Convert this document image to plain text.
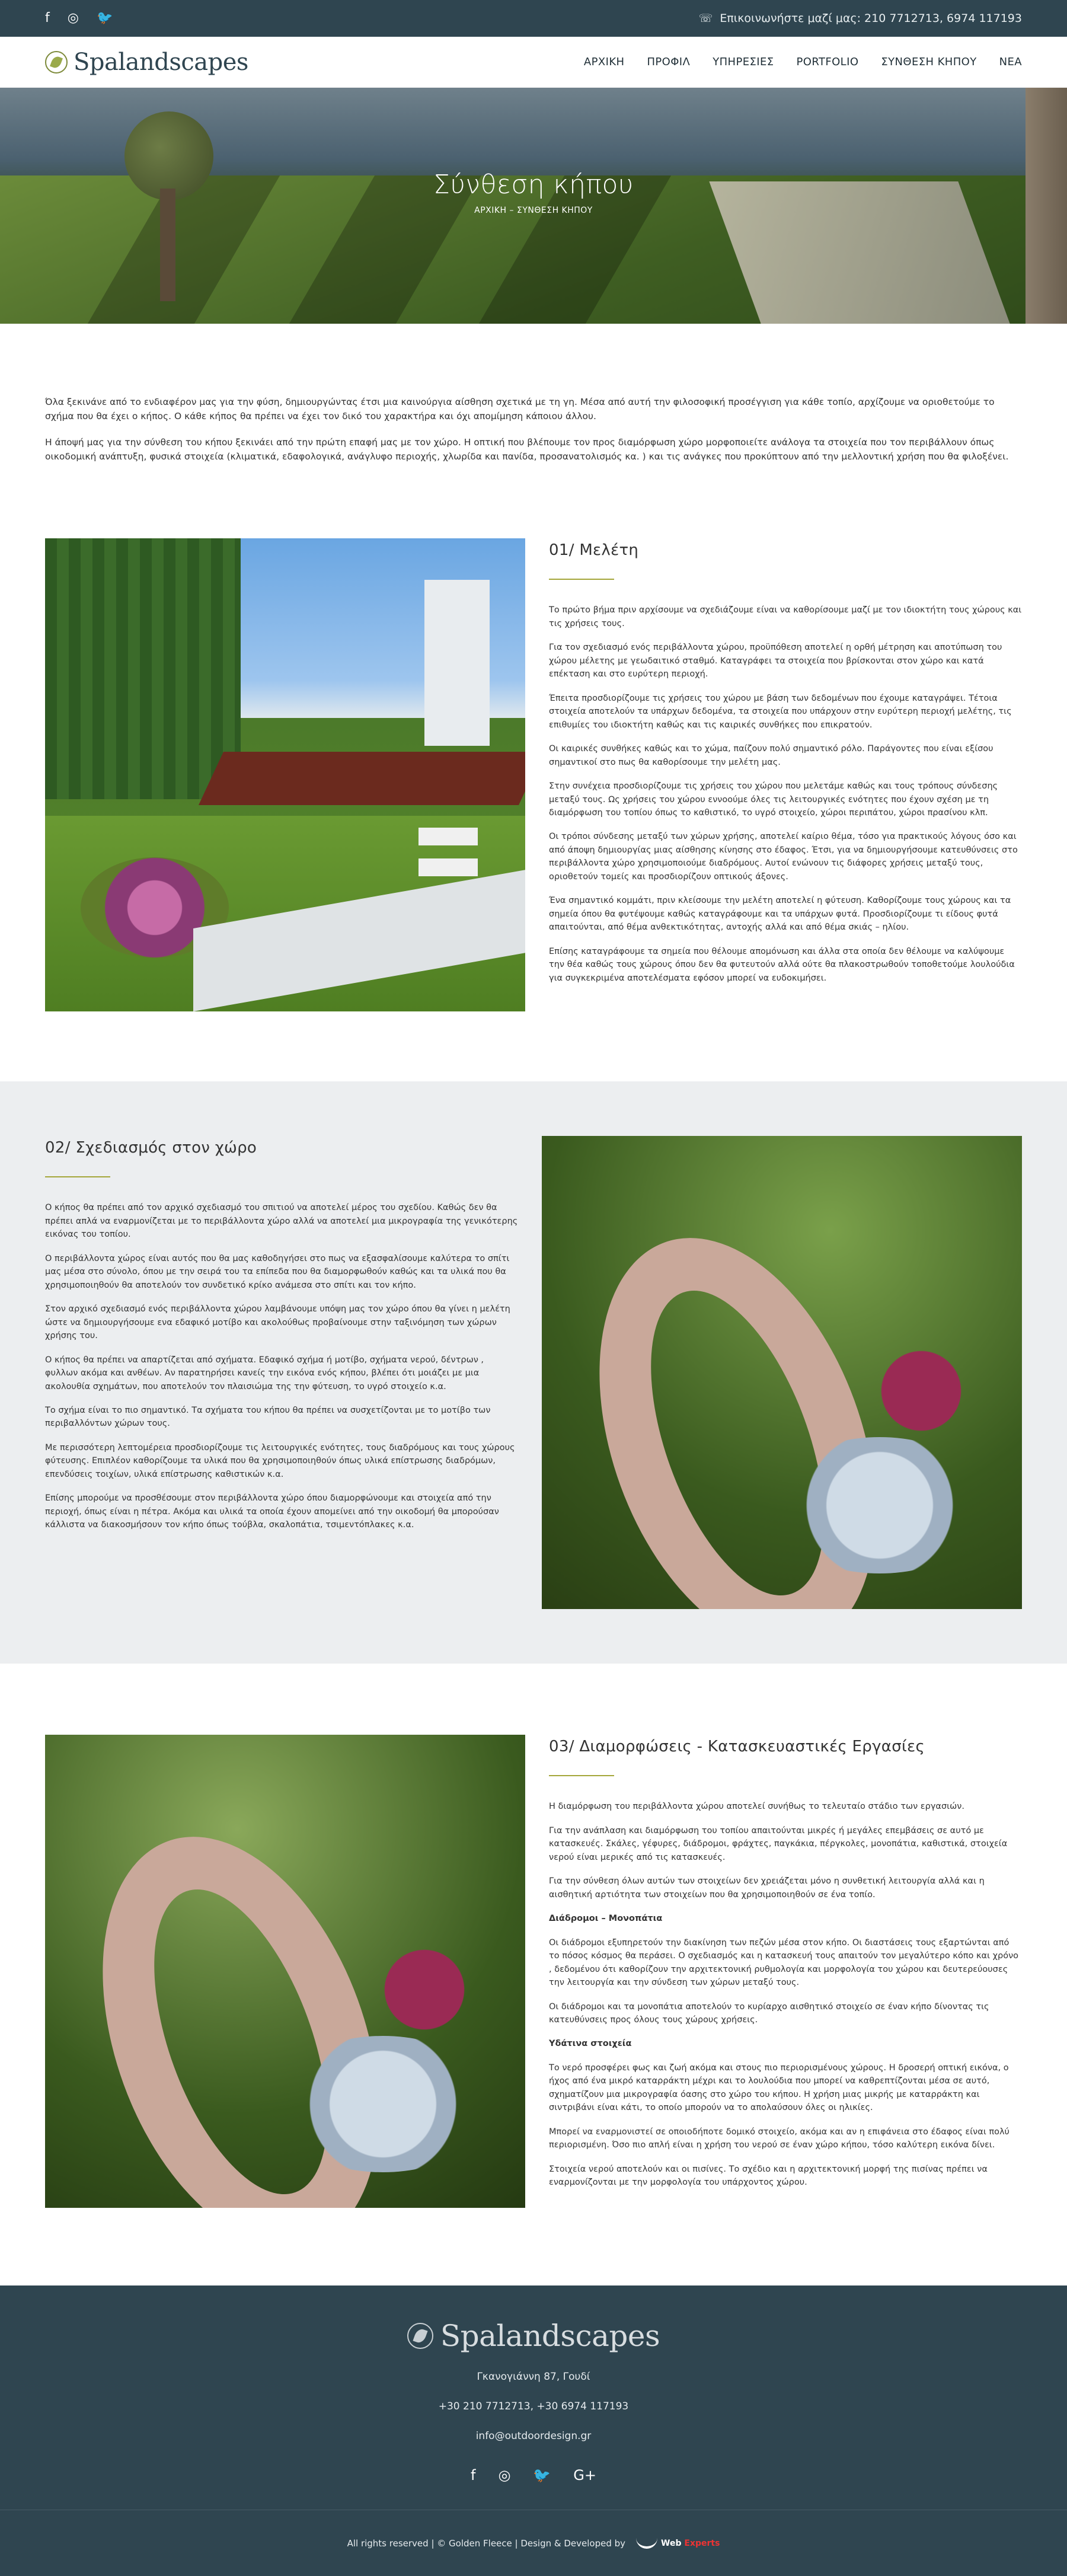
f ◎ 🐦	☏ Επικοινωνήστε μαζί μας: 210 7712713, 6974 117193
Spalandscapes	ΑΡΧΙΚΗ ΠΡΟΦΙΛ ΥΠΗΡΕΣΙΕΣ PORTFOLIO ΣΥΝΘΕΣΗ ΚΗΠΟΥ ΝΕΑ
Σύνθεση κήπου
ΑΡΧΙΚΗ – ΣΥΝΘΕΣΗ ΚΗΠΟΥ

Όλα ξεκινάνε από το ενδιαφέρον μας για την φύση, δημιουργώντας έτσι μια καινούργια αίσθηση σχετικά με τη γη. Μέσα από αυτή την φιλοσοφική προσέγγιση για κάθε τοπίο, αρχίζουμε να οριοθετούμε το σχήμα που θα έχει ο κήπος. Ο κάθε κήπος θα πρέπει να έχει τον δικό του χαρακτήρα και όχι απομίμηση κάποιου άλλου.

Η άποψή μας για την σύνθεση του κήπου ξεκινάει από την πρώτη επαφή μας με τον χώρο. Η οπτική που βλέπουμε τον προς διαμόρφωση χώρο μορφοποιείτε ανάλογα τα στοιχεία που τον περιβάλλουν όπως οικοδομική ανάπτυξη, φυσικά στοιχεία (κλιματικά, εδαφολογικά, ανάγλυφο περιοχής, χλωρίδα και πανίδα, προσανατολισμός κα. ) και τις ανάγκες που προκύπτουν από την μελλοντική χρήση που θα φιλοξένει.

01/ Μελέτη

Το πρώτο βήμα πριν αρχίσουμε να σχεδιάζουμε είναι να καθορίσουμε μαζί με τον ιδιοκτήτη τους χώρους και τις χρήσεις τους.

Για τον σχεδιασμό ενός περιβάλλοντα χώρου, προϋπόθεση αποτελεί η ορθή μέτρηση και αποτύπωση του χώρου μέλετης με γεωδαιτικό σταθμό. Καταγράφει τα στοιχεία που βρίσκονται στον χώρο και κατά επέκταση και στο ευρύτερη περιοχή.

Έπειτα προσδιορίζουμε τις χρήσεις του χώρου με βάση των δεδομένων που έχουμε καταγράψει. Τέτοια στοιχεία αποτελούν τα υπάρχων δεδομένα, τα στοιχεία που υπάρχουν στην ευρύτερη περιοχή μελέτης, τις επιθυμίες του ιδιοκτήτη καθώς και τις καιρικές συνθήκες που επικρατούν.

Οι καιρικές συνθήκες καθώς και το χώμα, παίζουν πολύ σημαντικό ρόλο. Παράγοντες που είναι εξίσου σημαντικοί στο πως θα καθορίσουμε την μελέτη μας.

Στην συνέχεια προσδιορίζουμε τις χρήσεις του χώρου που μελετάμε καθώς και τους τρόπους σύνδεσης μεταξύ τους. Ως χρήσεις του χώρου εννοούμε όλες τις λειτουργικές ενότητες που έχουν σχέση με τη διαμόρφωση του τοπίου όπως το καθιστικό, το υγρό στοιχείο, χώροι περιπάτου, χώροι πρασίνου κλπ.

Οι τρόποι σύνδεσης μεταξύ των χώρων χρήσης, αποτελεί καίριο θέμα, τόσο για πρακτικούς λόγους όσο και από άποψη δημιουργίας μιας αίσθησης κίνησης στο έδαφος. Έτσι, για να δημιουργήσουμε κατευθύνσεις στο περιβάλλοντα χώρο χρησιμοποιούμε διαδρόμους. Αυτοί ενώνουν τις διάφορες χρήσεις μεταξύ τους, οριοθετούν τομείς και προσδιορίζουν οπτικούς άξονες.

Ένα σημαντικό κομμάτι, πριν κλείσουμε την μελέτη αποτελεί η φύτευση. Καθορίζουμε τους χώρους και τα σημεία όπου θα φυτέψουμε καθώς καταγράφουμε και τα υπάρχων φυτά. Προσδιορίζουμε τι είδους φυτά απαιτούνται, από θέμα ανθεκτικότητας, αντοχής αλλά και από θέμα σκιάς – ηλίου.

Επίσης καταγράφουμε τα σημεία που θέλουμε απομόνωση και άλλα στα οποία δεν θέλουμε να καλύψουμε την θέα καθώς τους χώρους όπου δεν θα φυτευτούν αλλά ούτε θα πλακοστρωθούν τοποθετούμε λουλούδια για συγκεκριμένα αποτελέσματα εφόσον μπορεί να ευδοκιμήσει.

02/ Σχεδιασμός στον χώρο

Ο κήπος θα πρέπει από τον αρχικό σχεδιασμό του σπιτιού να αποτελεί μέρος του σχεδίου. Καθώς δεν θα πρέπει απλά να εναρμονίζεται με το περιβάλλοντα χώρο αλλά να αποτελεί μια μικρογραφία της γενικότερης εικόνας του τοπίου.

Ο περιβάλλοντα χώρος είναι αυτός που θα μας καθοδηγήσει στο πως να εξασφαλίσουμε καλύτερα το σπίτι μας μέσα στο σύνολο, όπου με την σειρά του τα επίπεδα που θα διαμορφωθούν καθώς και τα υλικά που θα χρησιμοποιηθούν θα αποτελούν τον συνδετικό κρίκο ανάμεσα στο σπίτι και τον κήπο.

Στον αρχικό σχεδιασμό ενός περιβάλλοντα χώρου λαμβάνουμε υπόψη μας τον χώρο όπου θα γίνει η μελέτη ώστε να δημιουργήσουμε ενα εδαφικό μοτίβο και ακολούθως προβαίνουμε στην ταξινόμηση των χώρων χρήσης του.

Ο κήπος θα πρέπει να απαρτίζεται από σχήματα. Εδαφικό σχήμα ή μοτίβο, σχήματα νερού, δέντρων , φυλλων ακόμα και ανθέων. Αν παρατηρήσει κανείς την εικόνα ενός κήπου, βλέπει ότι μοιάζει με μια ακολουθία σχημάτων, που αποτελούν τον πλαισιώμα της την φύτευση, το υγρό στοιχείο κ.α.

Το σχήμα είναι το πιο σημαντικό. Τα σχήματα του κήπου θα πρέπει να συσχετίζονται με το μοτίβο των περιβαλλόντων χώρων τους.

Με περισσότερη λεπτομέρεια προσδιορίζουμε τις λειτουργικές ενότητες, τους διαδρόμους και τους χώρους φύτευσης. Επιπλέον καθορίζουμε τα υλικά που θα χρησιμοποιηθούν όπως υλικά επίστρωσης διαδρόμων, επενδύσεις τοιχίων, υλικά επίστρωσης καθιστικών κ.α.

Επίσης μπορούμε να προσθέσουμε στον περιβάλλοντα χώρο όπου διαμορφώνουμε και στοιχεία από την περιοχή, όπως είναι η πέτρα. Ακόμα και υλικά τα οποία έχουν απομείνει από την οικοδομή θα μπορούσαν κάλλιστα να διακοσμήσουν τον κήπο όπως τούβλα, σκαλοπάτια, τσιμεντόπλακες κ.α.

03/ Διαμορφώσεις - Κατασκευαστικές Εργασίες

Η διαμόρφωση του περιβάλλοντα χώρου αποτελεί συνήθως το τελευταίο στάδιο των εργασιών.

Για την ανάπλαση και διαμόρφωση του τοπίου απαιτούνται μικρές ή μεγάλες επεμβάσεις σε αυτό με κατασκευές. Σκάλες, γέφυρες, διάδρομοι, φράχτες, παγκάκια, πέργκολες, μονοπάτια, καθιστικά, στοιχεία νερού είναι μερικές από τις κατασκευές.

Για την σύνθεση όλων αυτών των στοιχείων δεν χρειάζεται μόνο η συνθετική λειτουργία αλλά και η αισθητική αρτιότητα των στοιχείων που θα χρησιμοποιηθούν σε ένα τοπίο.

Διάδρομοι – Μονοπάτια

Οι διάδρομοι εξυπηρετούν την διακίνηση των πεζών μέσα στον κήπο. Οι διαστάσεις τους εξαρτώνται από το πόσος κόσμος θα περάσει. Ο σχεδιασμός και η κατασκευή τους απαιτούν τον μεγαλύτερο κόπο και χρόνο , δεδομένου ότι καθορίζουν την αρχιτεκτονική ρυθμολογία και μορφολογία του χώρου και δευτερεύουσες την λειτουργία και την σύνδεση των χώρων μεταξύ τους.

Οι διάδρομοι και τα μονοπάτια αποτελούν το κυρίαρχο αισθητικό στοιχείο σε έναν κήπο δίνοντας τις κατευθύνσεις προς όλους τους χώρους χρήσεις.

Υδάτινα στοιχεία

Το νερό προσφέρει φως και ζωή ακόμα και στους πιο περιορισμένους χώρους. Η δροσερή οπτική εικόνα, ο ήχος από ένα μικρό καταρράκτη μέχρι και το λουλούδια που μπορεί να καθρεπτίζονται μέσα σε αυτό, σχηματίζουν μια μικρογραφία όασης στο χώρο του κήπου. Η χρήση μιας μικρής με καταρράκτη και σιντριβάνι είναι κάτι, το οποίο μπορούν να το απολαύσουν όλες οι ηλικίες.

Μπορεί να εναρμονιστεί σε οποιοδήποτε δομικό στοιχείο, ακόμα και αν η επιφάνεια στο έδαφος είναι πολύ περιορισμένη. Όσο πιο απλή είναι η χρήση του νερού σε έναν χώρο κήπου, τόσο καλύτερη εικόνα δίνει.

Στοιχεία νερού αποτελούν και οι πισίνες. Το σχέδιο και η αρχιτεκτονική μορφή της πισίνας πρέπει να εναρμονίζονται με την μορφολογία του υπάρχοντος χώρου.

Spalandscapes
Γκανογιάννη 87, Γουδί
+30 210 7712713, +30 6974 117193
info@outdoordesign.gr
f ◎ 🐦 G+
All rights reserved | © Golden Fleece | Design & Developed by	Web Experts
